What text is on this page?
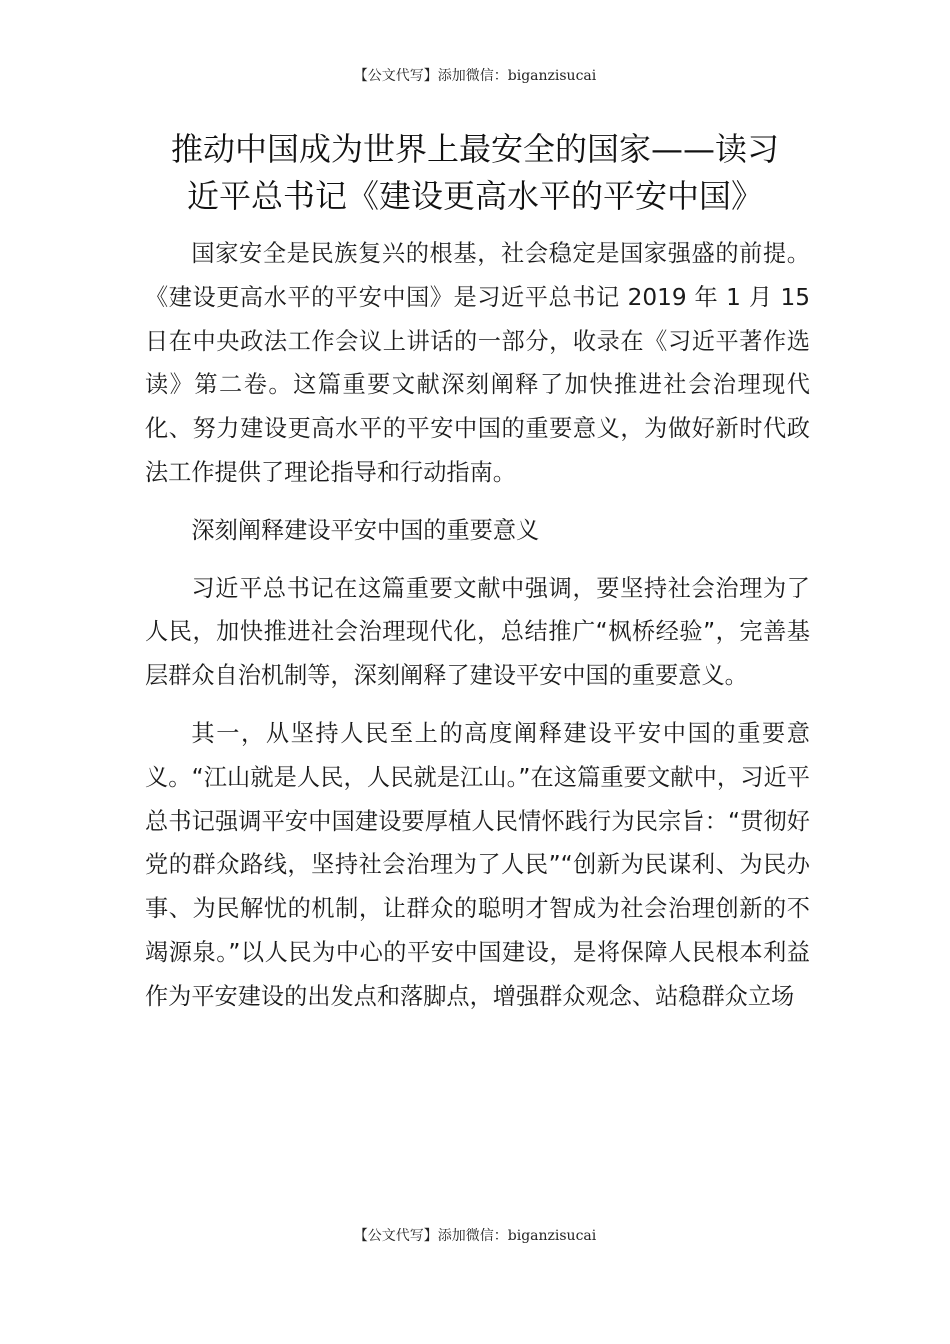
【公文代写】添加微信：biganzisucai
推动中国成为世界上最安全的国家——读习
近平总书记《建设更高水平的平安中国》

国家安全是民族复兴的根基，社会稳定是国家强盛的前提。《建设更高水平的平安中国》是习近平总书记 2019 年 1 月 15 日在中央政法工作会议上讲话的一部分，收录在《习近平著作选读》第二卷。这篇重要文献深刻阐释了加快推进社会治理现代化、努力建设更高水平的平安中国的重要意义，为做好新时代政法工作提供了理论指导和行动指南。

深刻阐释建设平安中国的重要意义

习近平总书记在这篇重要文献中强调，要坚持社会治理为了人民，加快推进社会治理现代化，总结推广“枫桥经验”，完善基层群众自治机制等，深刻阐释了建设平安中国的重要意义。

其一，从坚持人民至上的高度阐释建设平安中国的重要意义。“江山就是人民，人民就是江山。”在这篇重要文献中，习近平总书记强调平安中国建设要厚植人民情怀践行为民宗旨：“贯彻好党的群众路线，坚持社会治理为了人民”“创新为民谋利、为民办事、为民解忧的机制，让群众的聪明才智成为社会治理创新的不竭源泉。”以人民为中心的平安中国建设，是将保障人民根本利益作为平安建设的出发点和落脚点，增强群众观念、站稳群众立场

【公文代写】添加微信：biganzisucai
